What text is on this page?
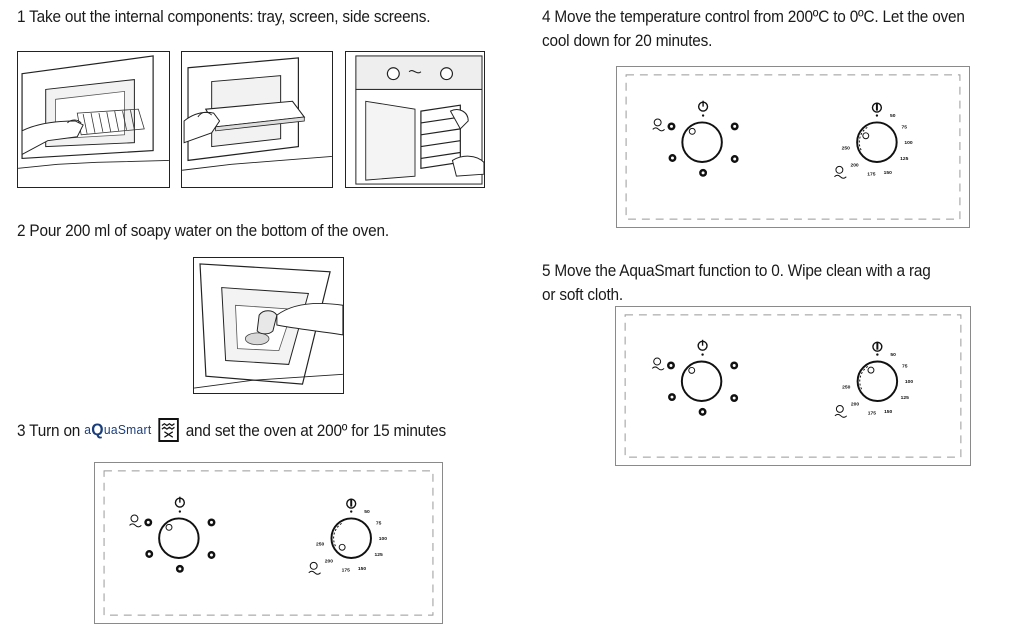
1 Take out the internal components: tray, screen, side screens.
2 Pour 200 ml of soapy water on the bottom of the oven.
3 Turn on aQuaSmart and set the oven at 200º for 15 minutes
50
75
100
125
150
175
200
250
4 Move the temperature control from 200ºC to 0ºC. Let the oven
cool down for 20 minutes.
50
75
100
125
150
175
200
250
5 Move the AquaSmart function to 0. Wipe clean with a rag
or soft cloth.
50
75
100
125
150
175
200
250
